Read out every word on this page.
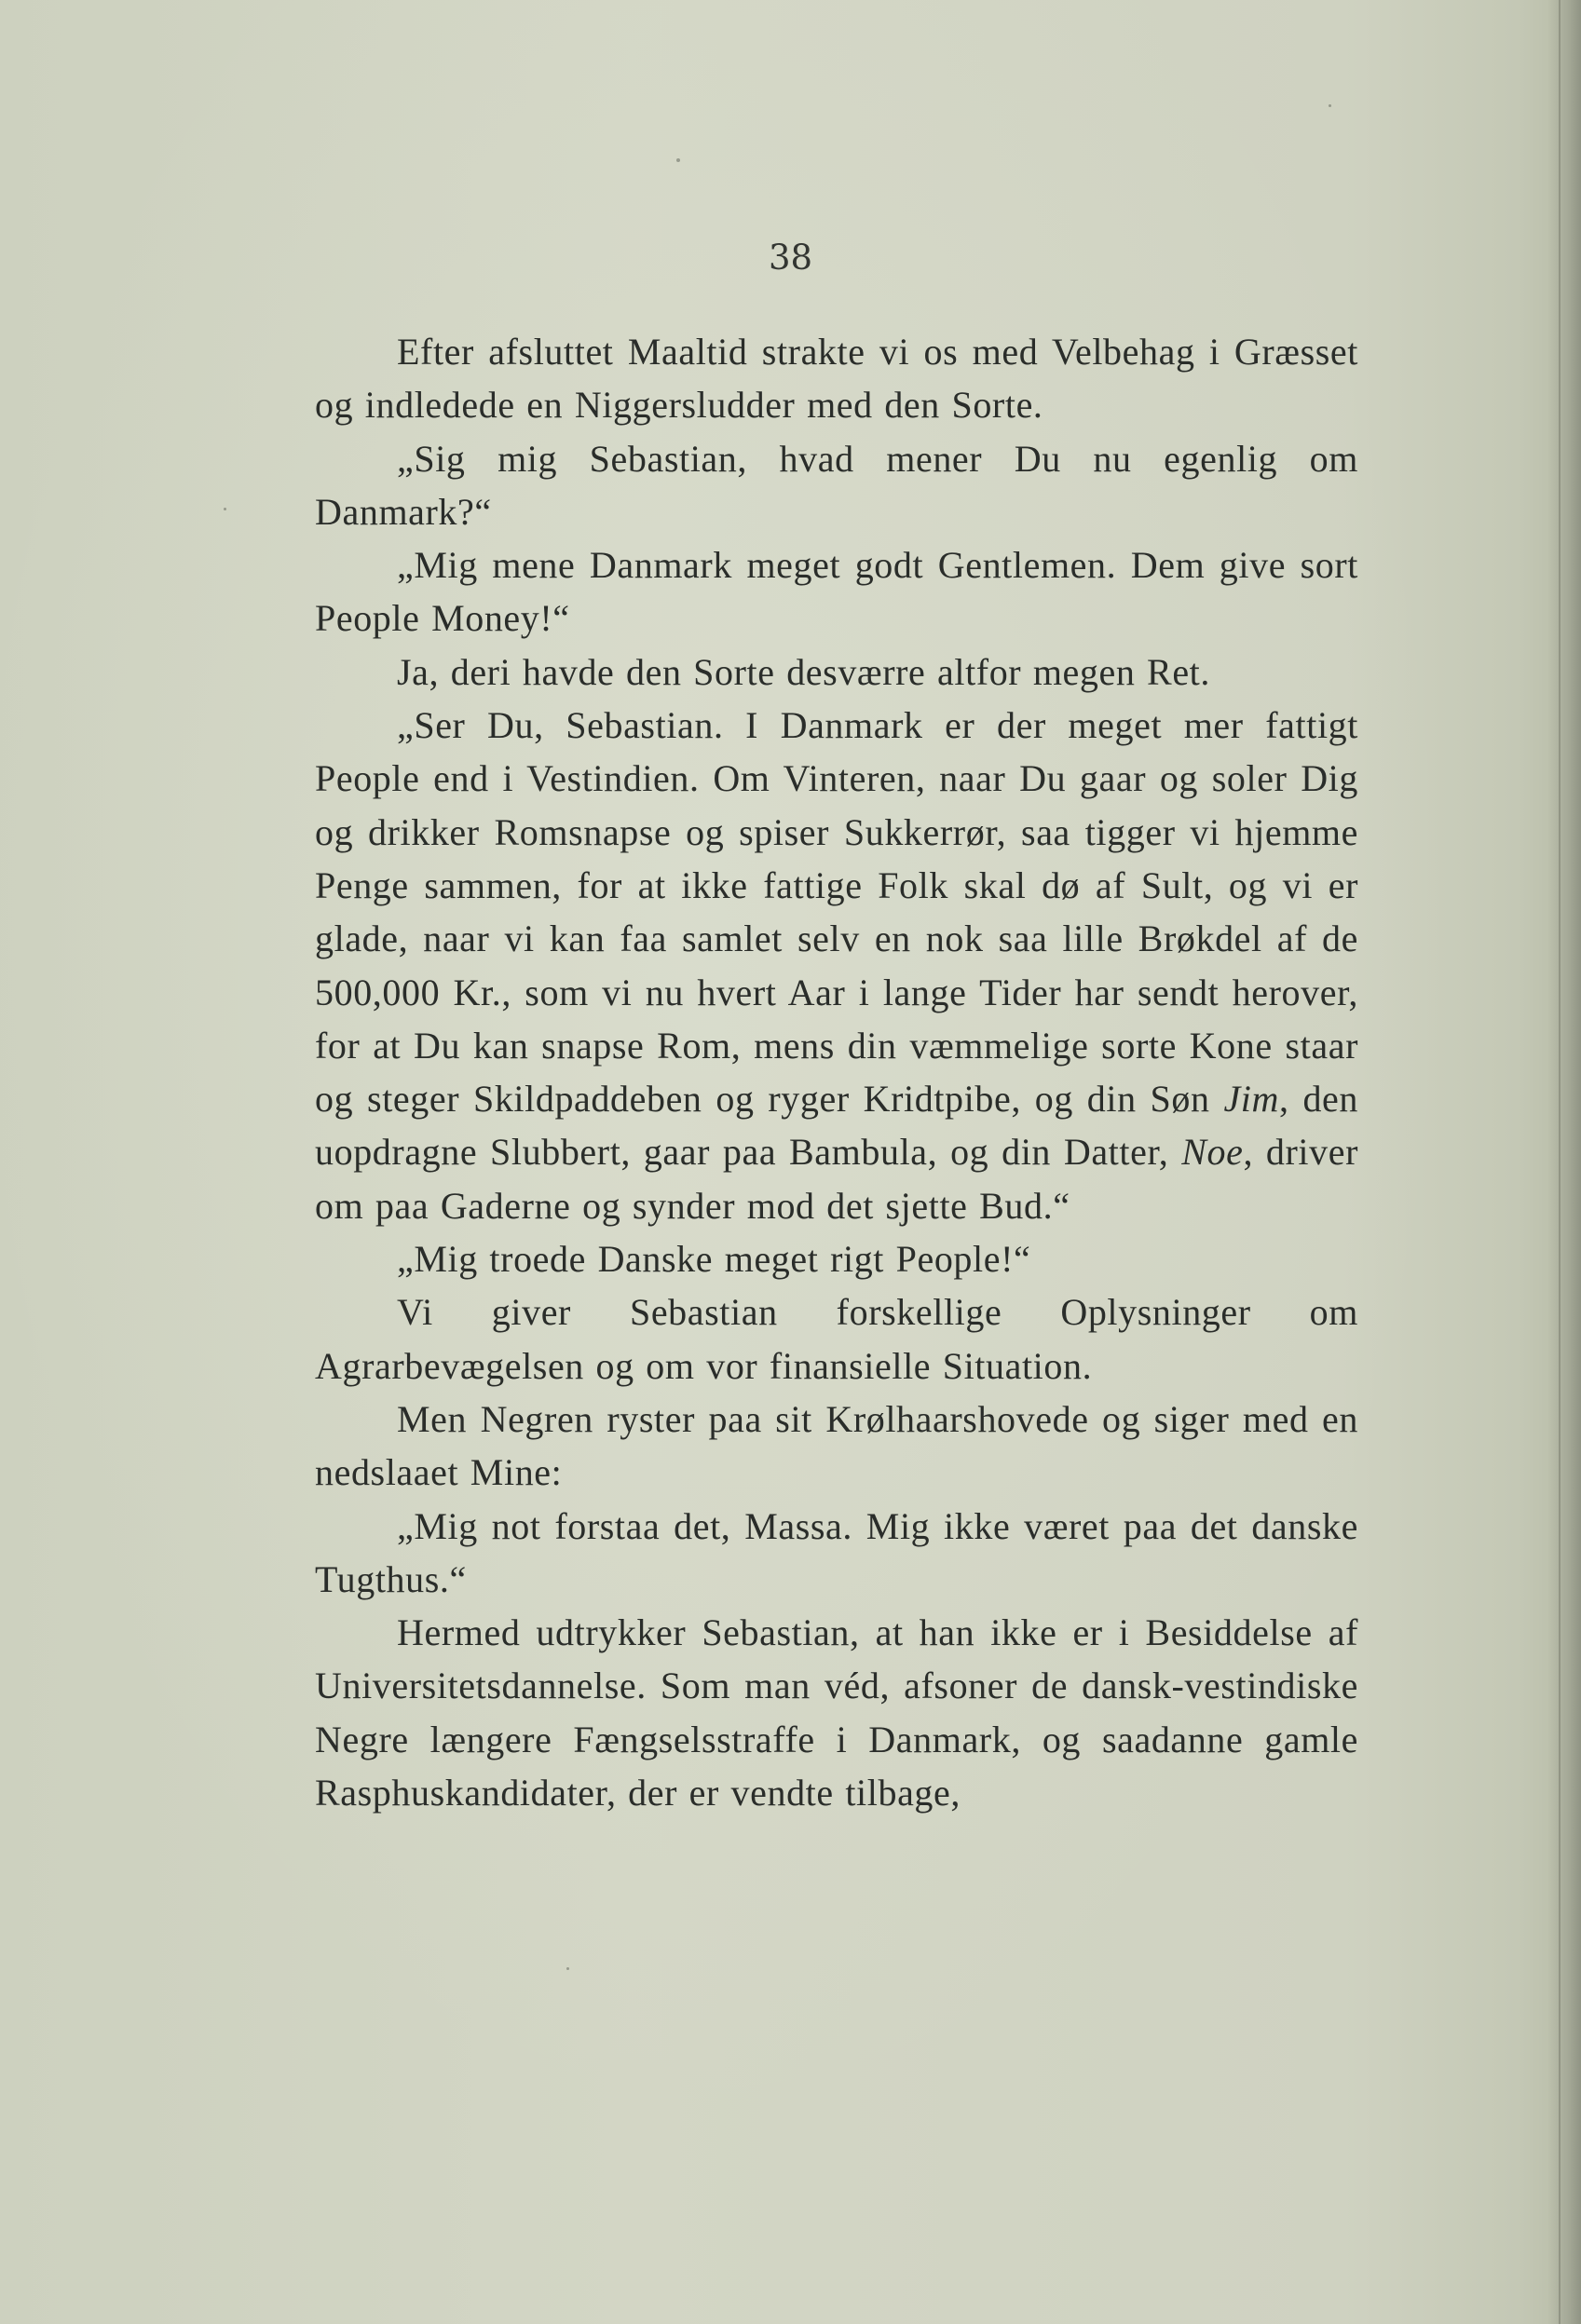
38

Efter afsluttet Maaltid strakte vi os med Velbehag i Græsset og indledede en Niggersludder med den Sorte.

„Sig mig Sebastian, hvad mener Du nu egenlig om Danmark?“

„Mig mene Danmark meget godt Gentlemen. Dem give sort People Money!“

Ja, deri havde den Sorte desværre altfor megen Ret.

„Ser Du, Sebastian. I Danmark er der meget mer fattigt People end i Vestindien. Om Vinteren, naar Du gaar og soler Dig og drikker Romsnapse og spiser Sukkerrør, saa tigger vi hjemme Penge sammen, for at ikke fattige Folk skal dø af Sult, og vi er glade, naar vi kan faa samlet selv en nok saa lille Brøkdel af de 500,000 Kr., som vi nu hvert Aar i lange Tider har sendt herover, for at Du kan snapse Rom, mens din væmmelige sorte Kone staar og steger Skildpaddeben og ryger Kridtpibe, og din Søn Jim, den uopdragne Slubbert, gaar paa Bambula, og din Datter, Noe, driver om paa Gaderne og synder mod det sjette Bud.“

„Mig troede Danske meget rigt People!“

Vi giver Sebastian forskellige Oplysninger om Agrarbevægelsen og om vor finansielle Situation.

Men Negren ryster paa sit Krølhaarshovede og siger med en nedslaaet Mine:

„Mig not forstaa det, Massa. Mig ikke været paa det danske Tugthus.“

Hermed udtrykker Sebastian, at han ikke er i Besiddelse af Universitetsdannelse. Som man véd, afsoner de dansk-vestindiske Negre længere Fængselsstraffe i Danmark, og saadanne gamle Rasphuskandidater, der er vendte tilbage,
